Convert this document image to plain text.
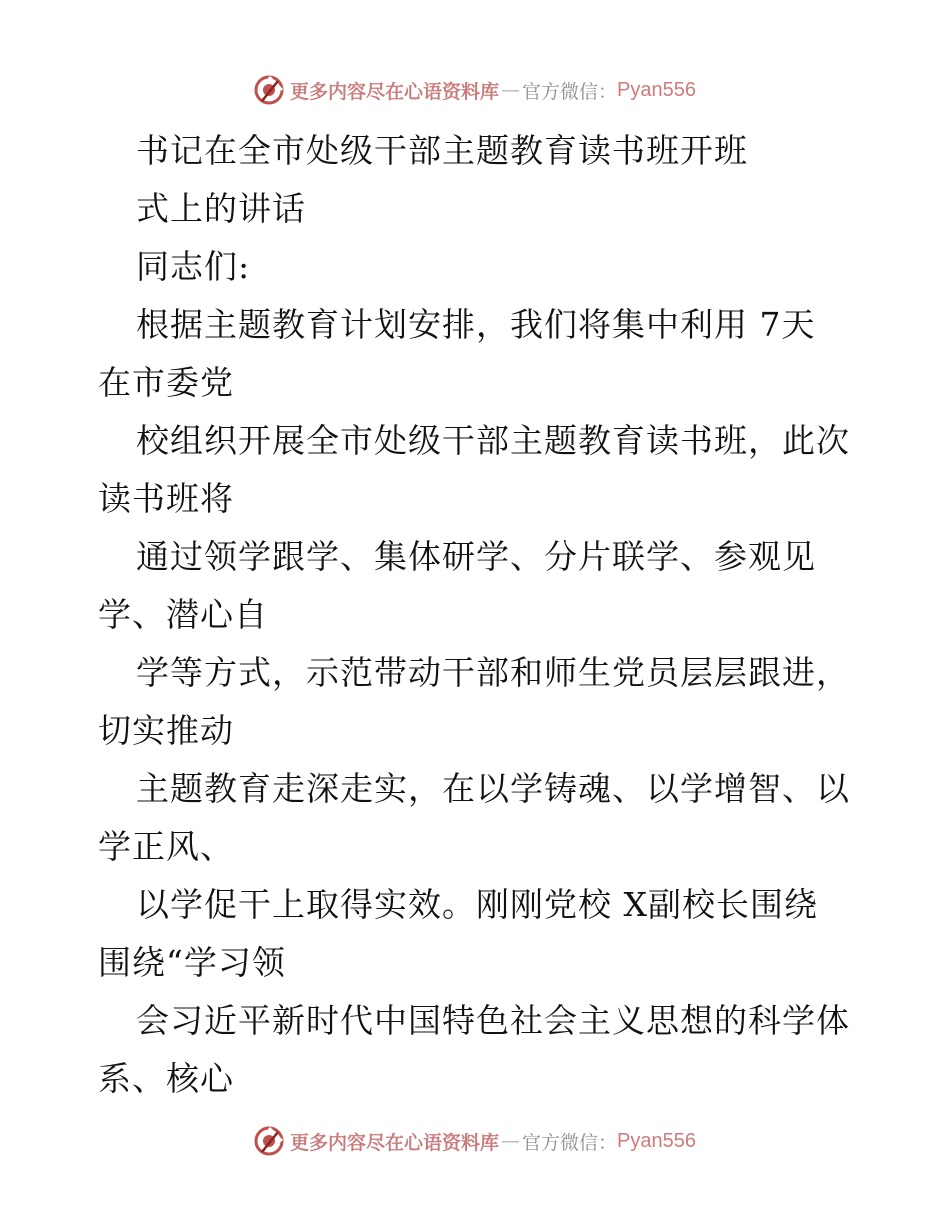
更多内容尽在心语资料库 — 官方微信： Pyan556
书记在全市处级干部主题教育读书班开班
式上的讲话
同志们:
根据主题教育计划安排，我们将集中利用 7天
在市委党
校组织开展全市处级干部主题教育读书班，此次
读书班将
通过领学跟学、集体研学、分片联学、参观见
学、潜心自
学等方式，示范带动干部和师生党员层层跟进，
切实推动
主题教育走深走实，在以学铸魂、以学增智、以
学正风、
以学促干上取得实效。刚刚党校 X副校长围绕
围绕“学习领
会习近平新时代中国特色社会主义思想的科学体
系、核心
更多内容尽在心语资料库 — 官方微信： Pyan556
